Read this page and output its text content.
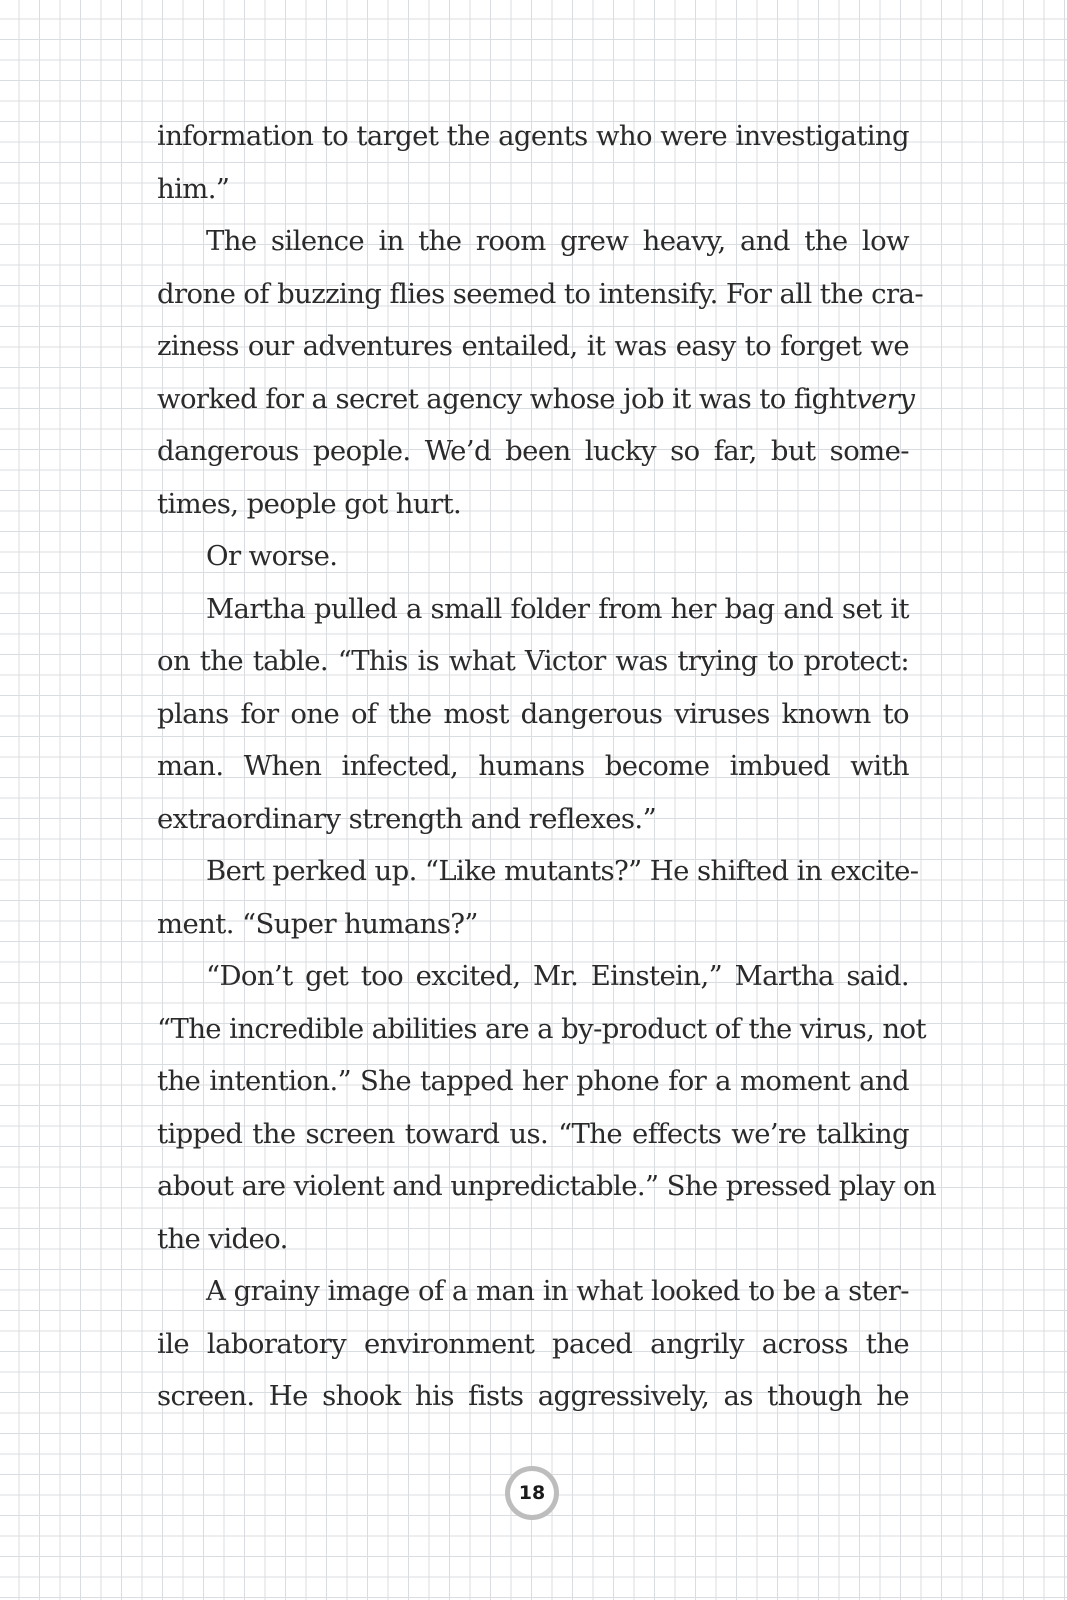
information to target the agents who were investigating
him.”
The silence in the room grew heavy, and the low
drone of buzzing flies seemed to intensify. For all the cra-
ziness our adventures entailed, it was easy to forget we
worked for a secret agency whose job it was to fight very
dangerous people. We’d been lucky so far, but some-
times, people got hurt.
Or worse.
Martha pulled a small folder from her bag and set it
on the table. “This is what Victor was trying to protect:
plans for one of the most dangerous viruses known to
man. When infected, humans become imbued with
extraordinary strength and reflexes.”
Bert perked up. “Like mutants?” He shifted in excite-
ment. “Super humans?”
“Don’t get too excited, Mr. Einstein,” Martha said.
“The incredible abilities are a by-product of the virus, not
the intention.” She tapped her phone for a moment and
tipped the screen toward us. “The effects we’re talking
about are violent and unpredictable.” She pressed play on
the video.
A grainy image of a man in what looked to be a ster-
ile laboratory environment paced angrily across the
screen. He shook his fists aggressively, as though he
18
